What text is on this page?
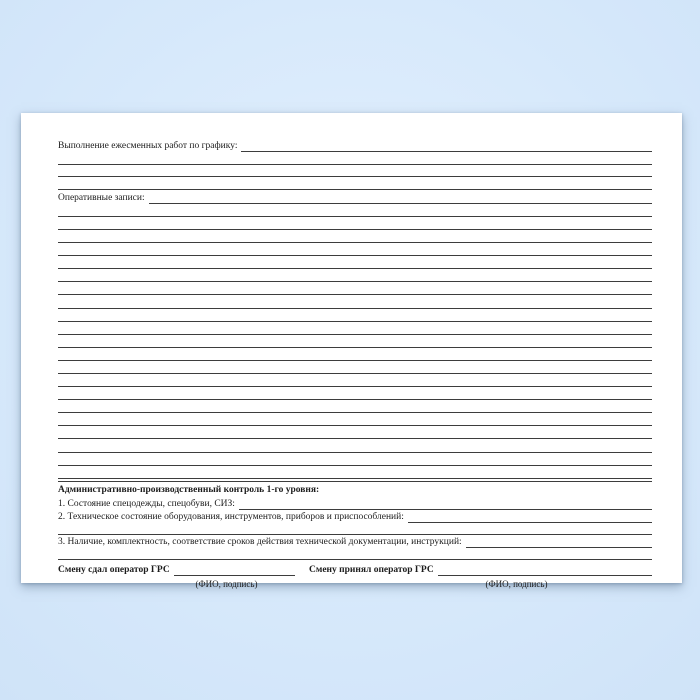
Выполнение ежесменных работ по графику:
Оперативные записи:
Административно-производственный контроль 1-го уровня:
1. Состояние спецодежды, спецобуви, СИЗ:
2. Техническое состояние оборудования, инструментов, приборов и приспособлений:
3. Наличие, комплектность, соответствие сроков действия технической документации, инструкций:
Смену сдал оператор ГРС
(ФИО, подпись)
Смену принял оператор ГРС
(ФИО, подпись)
